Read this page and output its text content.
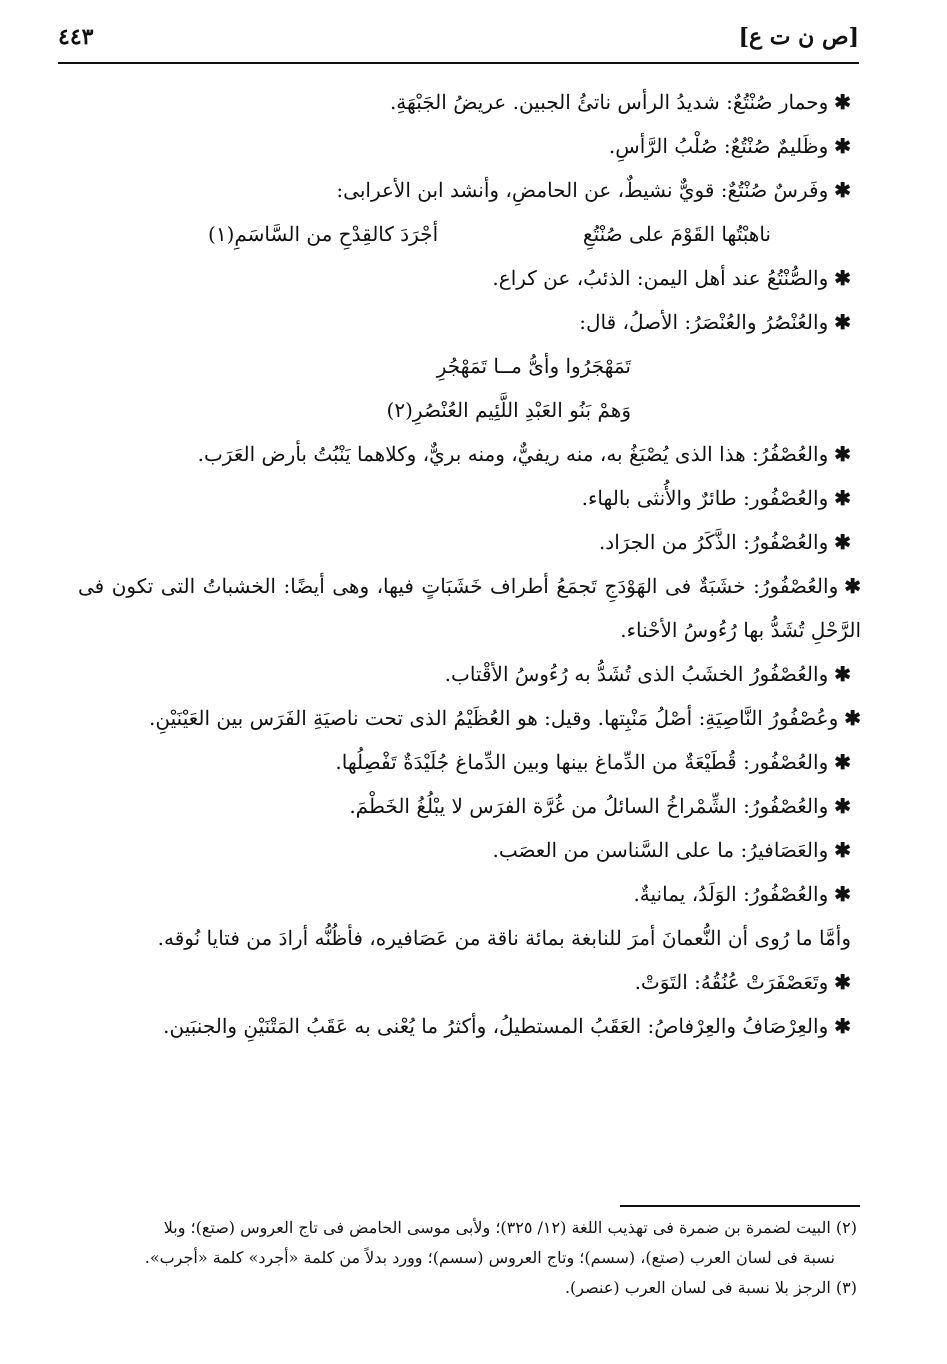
[ص ن ت ع]
٤٤٣
✱وحمار صُنْتُعٌ: شديدُ الرأس ناتئُ الجبين. عريضُ الجَبْهَةِ.
✱وظَليمٌ صُنْتُعٌ: صُلْبُ الرَّأسِ.
✱وفَرسٌ صُنْتُعٌ: قويٌّ نشيطٌ، عن الحامضِ، وأنشد ابن الأعرابى:
ناهبْتُها القَوْمَ على صُنْتُعِ
أجْرَدَ كالقِدْحِ من السَّاسَمِ(١)
✱والصُّنْتُعُ عند أهل اليمن: الذئبُ، عن كراع.
✱والعُنْصُرُ والعُنْصَرُ: الأصلُ، قال:
تَمَهْجَرُوا وأىُّ مــا تَمَهْجُرِ
وَهمْ بَنُو العَبْدِ اللَّئِيم العُنْصُرِ(٢)
✱والعُصْفُرُ: هذا الذى يُصْبَغُ به، منه ريفيٌّ، ومنه بريٌّ، وكلاهما يَنْبُتُ بأرض العَرَب.
✱والعُصْفُور: طائرٌ والأُنثى بالهاء.
✱والعُصْفُورُ: الذَّكَرُ من الجرَاد.
✱والعُصْفُورُ: خشَبَةٌ فى الهَوْدَجِ تَجمَعُ أطراف خَشَبَاتٍ فيها، وهى أيضًا: الخشباتُ التى تكون فى الرَّحْلِ تُشَدُّ بها رُءُوسُ الأحْناء.
✱والعُصْفُورُ الخشَبُ الذى تُشَدُّ به رُءُوسُ الأقْتاب.
✱وعُصْفُورُ النَّاصِيَةِ: أصْلُ مَنْبِتها. وقيل: هو العُظَيْمُ الذى تحت ناصيَةِ الفَرَس بين العَيْنَيْنِ.
✱والعُصْفُور: قُطَيْعَةٌ من الدِّماغ بينها وبين الدِّماغ جُلَيْدَةٌ تَفْصِلُها.
✱والعُصْفُورُ: الشِّمْراخُ السائلُ من غُرَّة الفرَس لا يبْلُغُ الخَطْمَ.
✱والعَصَافيرُ: ما على السَّناسن من العصَب.
✱والعُصْفُورُ: الوَلَدُ، يمانيةٌ.
وأمَّا ما رُوى أن النُّعمانَ أمرَ للنابغة بمائة ناقة من عَصَافيره، فأظُنُّه أرادَ من فتايا نُوقه.
✱وتَعَصْفَرَتْ عُنُقُهُ: التَوَتْ.
✱والعِرْصَافُ والعِرْفاصُ: العَقَبُ المستطيلُ، وأكثرُ ما يُعْنى به عَقَبُ المَتْنَيْنِ والجنبَين.
(٢) البيت لضمرة بن ضمرة فى تهذيب اللغة (١٢/ ٣٢٥)؛ ولأبى موسى الحامض فى تاج العروس (صتع)؛ وبلا
نسبة فى لسان العرب (صتع)، (سسم)؛ وتاج العروس (سسم)؛ وورد بدلاً من كلمة «أجرد» كلمة «أجرب».
(٣) الرجز بلا نسبة فى لسان العرب (عنصر).
